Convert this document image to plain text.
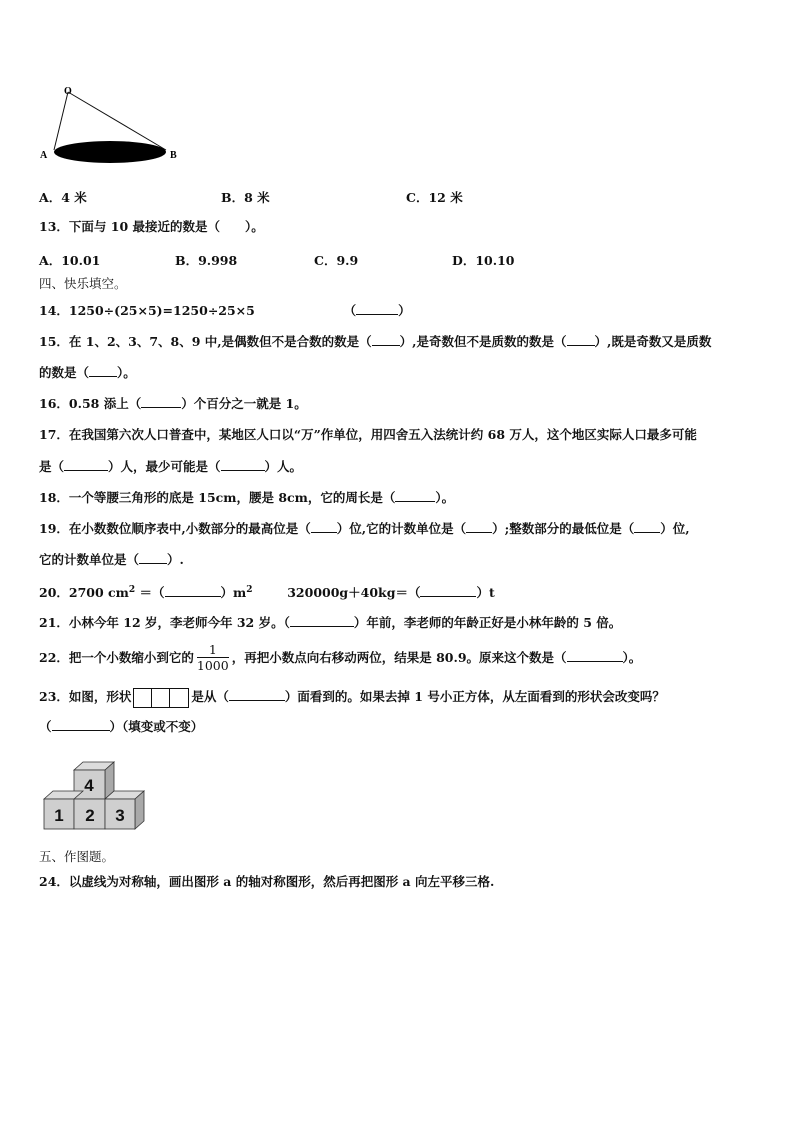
O
A	B
A．4 米	B．8 米	C．12 米
13．下面与 10 最接近的数是（　　）。
A．10.01	B．9.998	C．9.9	D．10.10
四、快乐填空。
14．1250÷(25×5)=1250÷25×5	（	）
15．在 1、2、3、7、8、9 中,是偶数但不是合数的数是（ ）,是奇数但不是质数的数是（ ）,既是奇数又是质数
的数是（ ）。
16．0.58 添上（	）个百分之一就是 1。
17．在我国第六次人口普查中，某地区人口以“万”作单位，用四舍五入法统计约 68 万人，这个地区实际人口最多可能
是（	）人，最少可能是（	）人。
18．一个等腰三角形的底是 15cm，腰是 8cm，它的周长是（	）。
19．在小数数位顺序表中,小数部分的最高位是（ ）位,它的计数单位是（ ）;整数部分的最低位是（ ）位,
它的计数单位是（ ）.
20．2700 $cm^2$ ＝（	）$m^2$	320000g＋40kg＝（	）t
21．小林今年 12 岁，李老师今年 32 岁。（	）年前，李老师的年龄正好是小林年龄的 5 倍。
22．把一个小数缩小到它的 $\frac{1}{1000}$ ，再把小数点向右移动两位，结果是 80.9。原来这个数是（	）。
23．如图，形状	是从（	）面看到的。如果去掉 1 号小正方体，从左面看到的形状会改变吗？
（	）（填变或不变）
4
1 2 3
五、作图题。
24．以虚线为对称轴，画出图形 a 的轴对称图形，然后再把图形 a 向左平移三格.
